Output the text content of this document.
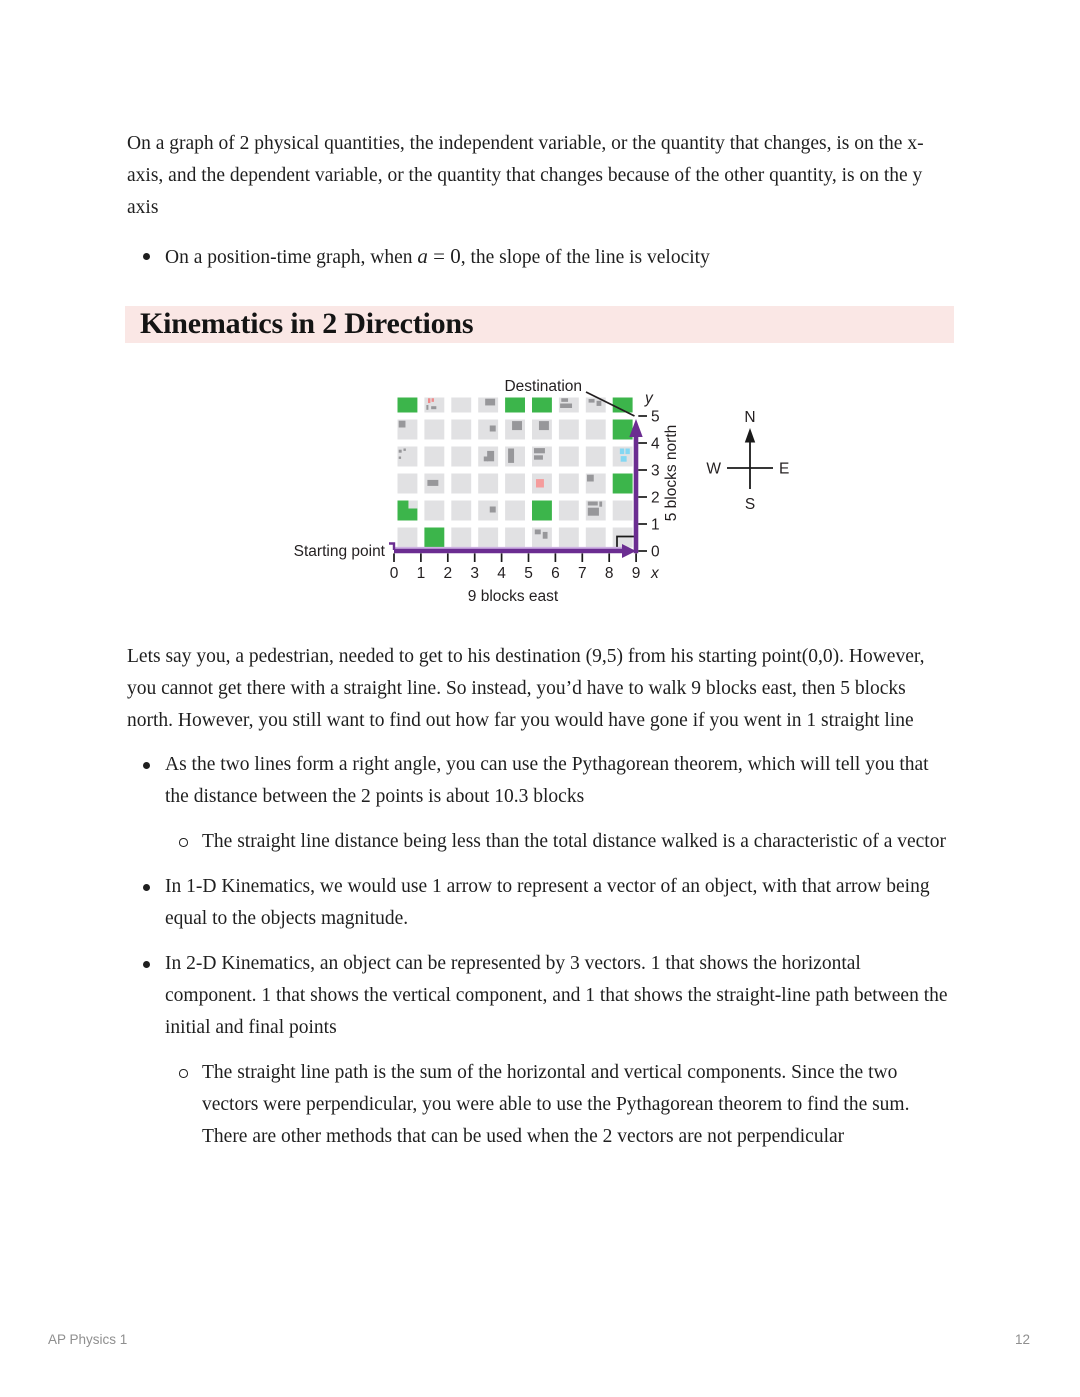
On a graph of 2 physical quantities, the independent variable, or the quantity that changes, is on the x-axis, and the dependent variable, or the quantity that changes because of the other quantity, is on the y axis

On a position-time graph, when a = 0, the slope of the line is velocity
Kinematics in 2 Directions
0 1 2 3 4 5 6 7 8 9
0
1
2
3
4
5
Destination
Starting point
y
x
9 blocks east
5 blocks north
N
S
W	E

Lets say you, a pedestrian, needed to get to his destination (9,5) from his starting point(0,0). However, you cannot get there with a straight line. So instead, you’d have to walk 9 blocks east, then 5 blocks north. However, you still want to find out how far you would have gone if you went in 1 straight line

As the two lines form a right angle, you can use the Pythagorean theorem, which will tell you that the distance between the 2 points is about 10.3 blocks
The straight line distance being less than the total distance walked is a characteristic of a vector
In 1-D Kinematics, we would use 1 arrow to represent a vector of an object, with that arrow being equal to the objects magnitude.
In 2-D Kinematics, an object can be represented by 3 vectors. 1 that shows the horizontal component. 1 that shows the vertical component, and 1 that shows the straight-line path between the initial and final points
The straight line path is the sum of the horizontal and vertical components. Since the two vectors were perpendicular, you were able to use the Pythagorean theorem to find the sum. There are other methods that can be used when the 2 vectors are not perpendicular
AP Physics 1	12
